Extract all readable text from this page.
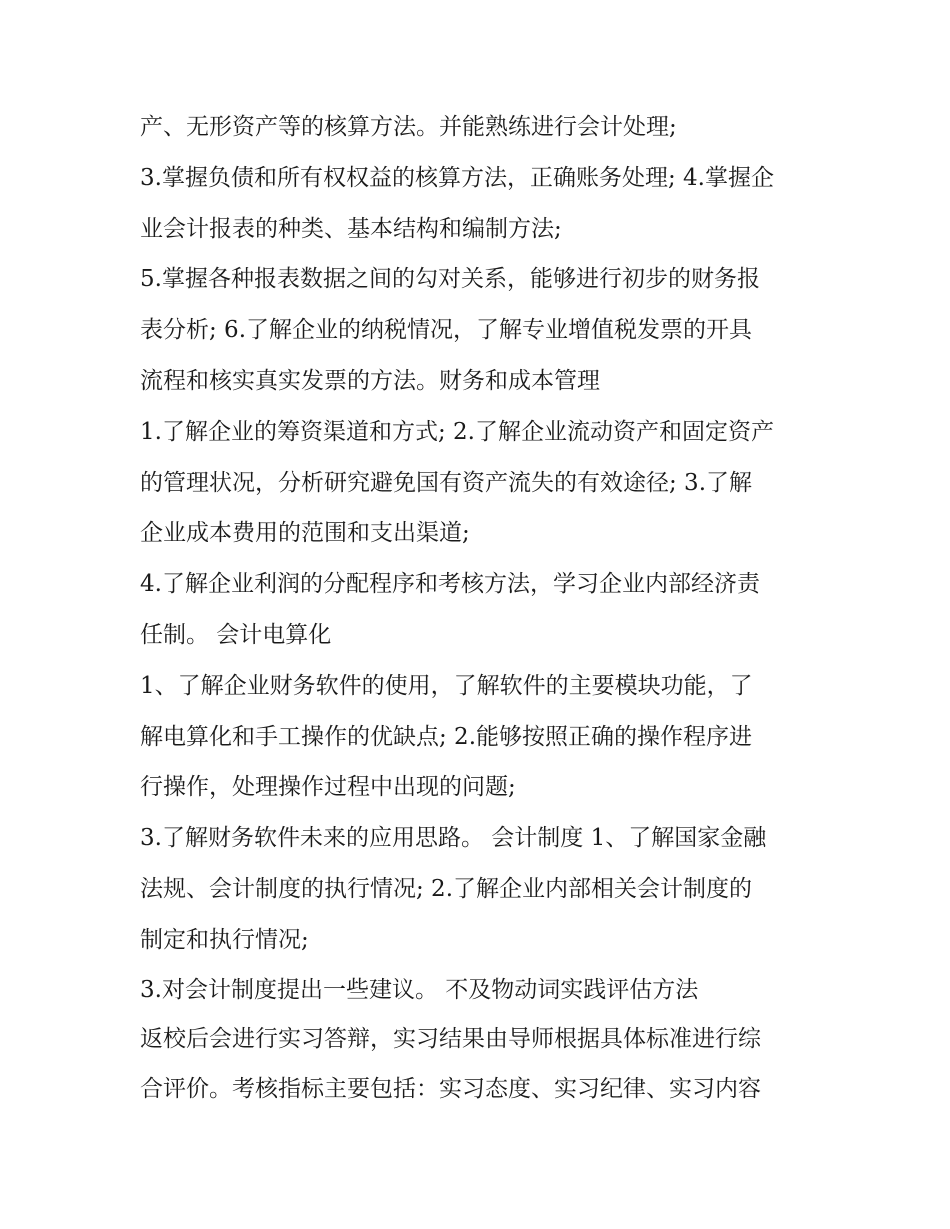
产、无形资产等的核算方法。并能熟练进行会计处理;
3.掌握负债和所有权权益的核算方法，正确账务处理; 4.掌握企
业会计报表的种类、基本结构和编制方法;
5.掌握各种报表数据之间的勾对关系，能够进行初步的财务报
表分析; 6.了解企业的纳税情况，了解专业增值税发票的开具
流程和核实真实发票的方法。财务和成本管理
1.了解企业的筹资渠道和方式; 2.了解企业流动资产和固定资产
的管理状况，分析研究避免国有资产流失的有效途径; 3.了解
企业成本费用的范围和支出渠道;
4.了解企业利润的分配程序和考核方法，学习企业内部经济责
任制。 会计电算化
1、了解企业财务软件的使用，了解软件的主要模块功能，了
解电算化和手工操作的优缺点; 2.能够按照正确的操作程序进
行操作，处理操作过程中出现的问题;
3.了解财务软件未来的应用思路。 会计制度 1、了解国家金融
法规、会计制度的执行情况; 2.了解企业内部相关会计制度的
制定和执行情况;
3.对会计制度提出一些建议。 不及物动词实践评估方法
返校后会进行实习答辩，实习结果由导师根据具体标准进行综
合评价。考核指标主要包括：实习态度、实习纪律、实习内容
